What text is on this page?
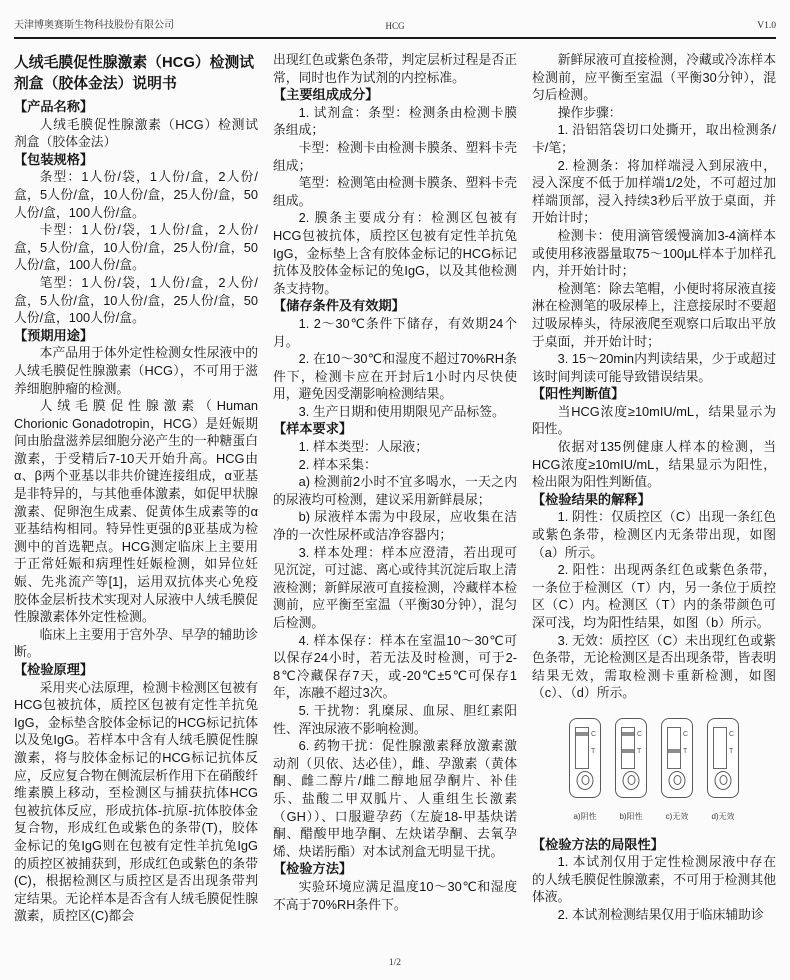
天津博奥赛斯生物科技股份有限公司	HCG	V1.0
人绒毛膜促性腺激素（HCG）检测试剂盒（胶体金法）说明书
【产品名称】
人绒毛膜促性腺激素（HCG）检测试剂盒（胶体金法）
【包装规格】
条型：1人份/袋，1人份/盒，2人份/盒，5人份/盒，10人份/盒，25人份/盒，50人份/盒，100人份/盒。
卡型：1人份/袋，1人份/盒，2人份/盒，5人份/盒，10人份/盒，25人份/盒，50人份/盒，100人份/盒。
笔型：1人份/袋，1人份/盒，2人份/盒，5人份/盒，10人份/盒，25人份/盒，50人份/盒，100人份/盒。
【预期用途】
本产品用于体外定性检测女性尿液中的人绒毛膜促性腺激素（HCG），不可用于滋养细胞肿瘤的检测。
人绒毛膜促性腺激素（Human Chorionic Gonadotropin，HCG）是妊娠期间由胎盘滋养层细胞分泌产生的一种糖蛋白激素，于受精后7-10天开始升高。HCG由α、β两个亚基以非共价键连接组成，α亚基是非特异的，与其他垂体激素，如促甲状腺激素、促卵泡生成素、促黄体生成素等的α亚基结构相同。特异性更强的β亚基成为检测中的首选靶点。HCG测定临床上主要用于正常妊娠和病理性妊娠检测，如异位妊娠、先兆流产等[1]，运用双抗体夹心免疫胶体金层析技术实现对人尿液中人绒毛膜促性腺激素体外定性检测。
临床上主要用于宫外孕、早孕的辅助诊断。
【检验原理】
采用夹心法原理，检测卡检测区包被有HCG包被抗体，质控区包被有定性羊抗兔IgG，金标垫含胶体金标记的HCG标记抗体以及兔IgG。若样本中含有人绒毛膜促性腺激素，将与胶体金标记的HCG标记抗体反应，反应复合物在侧流层析作用下在硝酸纤维素膜上移动，至检测区与捕获抗体HCG包被抗体反应，形成抗体-抗原-抗体胶体金复合物，形成红色或紫色的条带(T)，胶体金标记的兔IgG则在包被有定性羊抗兔IgG的质控区被捕获到，形成红色或紫色的条带(C)，根据检测区与质控区是否出现条带判定结果。无论样本是否含有人绒毛膜促性腺激素，质控区(C)都会
出现红色或紫色条带，判定层析过程是否正常，同时也作为试剂的内控标准。
【主要组成成分】
1. 试剂盒：条型：检测条由检测卡膜条组成；
卡型：检测卡由检测卡膜条、塑料卡壳组成；
笔型：检测笔由检测卡膜条、塑料卡壳组成。
2. 膜条主要成分有：检测区包被有HCG包被抗体，质控区包被有定性羊抗兔IgG，金标垫上含有胶体金标记的HCG标记抗体及胶体金标记的兔IgG，以及其他检测条支持物。
【储存条件及有效期】
1. 2～30℃条件下储存，有效期24个月。
2. 在10～30℃和湿度不超过70%RH条件下，检测卡应在开封后1小时内尽快使用，避免因受潮影响检测结果。
3. 生产日期和使用期限见产品标签。
【样本要求】
1. 样本类型：人尿液；
2. 样本采集：
a) 检测前2小时不宜多喝水，一天之内的尿液均可检测，建议采用新鲜晨尿；
b) 尿液样本需为中段尿，应收集在洁净的一次性尿杯或洁净容器内；
3. 样本处理：样本应澄清，若出现可见沉淀，可过滤、离心或待其沉淀后取上清液检测；新鲜尿液可直接检测，冷藏样本检测前，应平衡至室温（平衡30分钟），混匀后检测。
4. 样本保存：样本在室温10～30℃可以保存24小时，若无法及时检测，可于2-8℃冷藏保存7天，或-20℃±5℃可保存1年，冻融不超过3次。
5. 干扰物：乳糜尿、血尿、胆红素阳性、浑浊尿液不影响检测。
6. 药物干扰：促性腺激素释放激素激动剂（贝依、达必佳），雌、孕激素（黄体酮、雌二醇片/雌二醇地屈孕酮片、补佳乐、盐酸二甲双胍片、人重组生长激素（GH））、口服避孕药（左旋18-甲基炔诺酮、醋酸甲地孕酮、左炔诺孕酮、去氧孕烯、炔诺肟酯）对本试剂盒无明显干扰。
【检验方法】
实验环境应满足温度10～30℃和湿度不高于70%RH条件下。
新鲜尿液可直接检测，冷藏或冷冻样本检测前，应平衡至室温（平衡30分钟），混匀后检测。
操作步骤：
1. 沿铝箔袋切口处撕开，取出检测条/卡/笔；
2. 检测条：将加样端浸入到尿液中，浸入深度不低于加样端1/2处，不可超过加样端顶部，浸入持续3秒后平放于桌面，并开始计时；
检测卡：使用滴管缓慢滴加3-4滴样本或使用移液器量取75～100μL样本于加样孔内，并开始计时；
检测笔：除去笔帽，小便时将尿液直接淋在检测笔的吸尿棒上，注意接尿时不要超过吸尿棒头，待尿液爬至观察口后取出平放于桌面，并开始计时；
3. 15～20min内判读结果，少于或超过该时间判读可能导致错误结果。
【阳性判断值】
当HCG浓度≥10mIU/mL，结果显示为阳性。
依据对135例健康人样本的检测，当HCG浓度≥10mIU/mL，结果显示为阳性，检出限为阳性判断值。
【检验结果的解释】
1. 阴性：仅质控区（C）出现一条红色或紫色条带，检测区内无条带出现，如图（a）所示。
2. 阳性：出现两条红色或紫色条带，一条位于检测区（T）内，另一条位于质控区（C）内。检测区（T）内的条带颜色可深可浅，均为阳性结果，如图（b）所示。
3. 无效：质控区（C）未出现红色或紫色条带，无论检测区是否出现条带，皆表明结果无效，需取检测卡重新检测，如图（c）、（d）所示。
C
T
a)阴性
C
T
b)阳性
C
T
c)无效
C
T
d)无效
【检验方法的局限性】
1. 本试剂仅用于定性检测尿液中存在的人绒毛膜促性腺激素，不可用于检测其他体液。
2. 本试剂检测结果仅用于临床辅助诊
1/2
